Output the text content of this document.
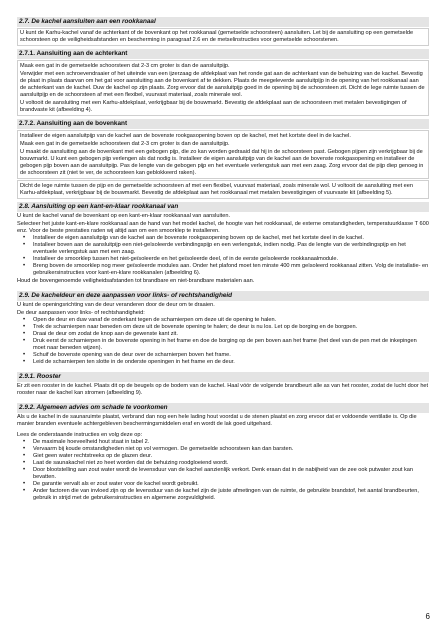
2.7. De kachel aansluiten aan een rookkanaal
U kunt de Karhu-kachel vanaf de achterkant of de bovenkant op het rookkanaal (gemetselde schoorsteen) aansluiten. Let bij de aansluiting op een gemetselde schoorsteen op de veiligheidsafstanden en bescherming in paragraaf 2.6 en de metselinstructies voor gemetselde schoorstenen.
2.7.1. Aansluiting aan de achterkant
Maak een gat in de gemetselde schoorsteen dat 2-3 cm groter is dan de aansluitpijp.
Verwijder met een schroevendraaier of het uiteinde van een ijzerzaag de afdekplaat van het ronde gat aan de achterkant van de behuizing van de kachel. Bevestig de plaat in plaats daarvan om het gat voor aansluiting aan de bovenkant af te dekken. Plaats de meegeleverde aansluitpijp in de opening van het rookkanaal aan de achterkant van de kachel. Duw de kachel op zijn plaats. Zorg ervoor dat de aansluitpijp goed in de opening bij de schoorsteen zit. Dicht de lege ruimte tussen de aansluitpijp en de schoorsteen af met een flexibel, vuurvast materiaal, zoals minerale wol.
U voltooit de aansluiting met een Karhu-afdekplaat, verkrijgbaar bij de bouwmarkt. Bevestig de afdekplaat aan de schoorsteen met metalen bevestigingen of brandvaste kit (afbeelding 4).
2.7.2. Aansluiting aan de bovenkant
Installeer de eigen aansluitpijp van de kachel aan de bovenste rookgasopening boven op de kachel, met het kortste deel in de kachel.
Maak een gat in de gemetselde schoorsteen dat 2-3 cm groter is dan de aansluitpijp.
U maakt de aansluiting aan de bovenkant met een gebogen pijp, die zo kan worden gedraaid dat hij in de schoorsteen past. Gebogen pijpen zijn verkrijgbaar bij de bouwmarkt. U kunt een gebogen pijp verlengen als dat nodig is. Installeer de eigen aansluitpijp van de kachel aan de bovenste rookgasopening en installeer de gebogen pijp boven aan de aansluitpijp. Pas de lengte van de gebogen pijp en het eventuele verlengstuk aan met een zaag. Zorg ervoor dat de pijp diep genoeg in de schoorsteen zit (niet te ver, de schoorsteen kan geblokkeerd raken).
Dicht de lege ruimte tussen de pijp en de gemetselde schoorsteen af met een flexibel, vuurvast materiaal, zoals minerale wol. U voltooit de aansluiting met een Karhu-afdekplaat, verkrijgbaar bij de bouwmarkt. Bevestig de afdekplaat aan het rookkanaal met metalen bevestigingen of vuurvaste kit (afbeelding 5).
2.8. Aansluiting op een kant-en-klaar rookkanaal van
U kunt de kachel vanaf de bovenkant op een kant-en-klaar rookkanaal van aansluiten.
Selecteer het juiste kant-en-klare rookkanaal aan de hand van het model kachel, de hoogte van het rookkanaal, de externe omstandigheden, temperatuurklasse T 600 enz. Voor de beste prestaties raden wij altijd aan om een smoorklep te installeren.
• Installeer de eigen aansluitpijp van de kachel aan de bovenste rookgasopening boven op de kachel, met het kortste deel in de kachel.
• Installeer boven aan de aansluitpijp een niet-geïsoleerde verbindingspijp en een verlengstuk, indien nodig. Pas de lengte van de verbindingspijp en het eventuele verlengstuk aan met een zaag.
• Installeer de smoorklep tussen het niet-geïsoleerde en het geïsoleerde deel, of in de eerste geïsoleerde rookkanaalmodule.
• Breng boven de smoorklep nog meer geïsoleerde modules aan. Onder het plafond moet ten minste 400 mm geïsoleerd rookkanaal zitten. Volg de installatie- en gebruikersinstructies voor kant-en-klare rookkanalen (afbeelding 6).
Houd de bovengenoemde veiligheidsafstanden tot brandbare en niet-brandbare materialen aan.
2.9. De kacheldeur en deze aanpassen voor links- of rechtshandigheid
U kunt de openingsrichting van de deur veranderen door de deur om te draaien.
De deur aanpassen voor links- of rechtshandigheid:
• Open de deur en duw vanaf de onderkant tegen de scharnierpen om deze uit de opening te halen.
• Trek de scharnierpen naar beneden om deze uit de bovenste opening te halen; de deur is nu los. Let op de borging en de borgpen.
• Draai de deur om zodat de knop aan de gewenste kant zit.
• Druk eerst de scharnierpen in de bovenste opening in het frame en doe de borging op de pen boven aan het frame (het deel van de pen met de inkepingen moet naar beneden wijzen).
• Schuif de bovenste opening van de deur over de scharnierpen boven het frame.
• Leid de scharnierpen ten slotte in de onderste openingen in het frame en de deur.
2.9.1. Rooster
Er zit een rooster in de kachel. Plaats dit op de beugels op de bodem van de kachel. Haal vóór de volgende brandbeurt alle as van het rooster, zodat de lucht door het rooster naar de kachel kan stromen (afbeelding 9).
2.9.2. Algemeen advies om schade te voorkomen
Als u de kachel in de saunaruimte plaatst, verbrand dan nog een hele lading hout voordat u de stenen plaatst en zorg ervoor dat er voldoende ventilatie is. Op die manier branden eventuele achtergebleven beschermingsmiddelen eraf en wordt de lak goed uitgehard.
Lees de onderstaande instructies en volg deze op:
• De maximale hoeveelheid hout staat in tabel 2.
• Vervaarm bij koude omstandigheden niet op vol vermogen. De gemetselde schoorsteen kan dan barsten.
• Giet geen water rechtstreeks op de glazen deur.
• Laat de saunakachel niet zo heet worden dat de behuizing roodgloeiend wordt.
• Door blootstelling aan zout water wordt de levensduur van de kachel aanzienlijk verkort. Denk eraan dat in de nabijheid van de zee ook putwater zout kan bevatten.
• De garantie vervalt als er zout water voor de kachel wordt gebruikt.
• Ander factoren die van invloed zijn op de levensduur van de kachel zijn de juiste afmetingen van de ruimte, de gebruikte brandstof, het aantal brandbeurten, gebruik in strijd met de gebruikersinstructies en algemene zorgvuldigheid.
6
